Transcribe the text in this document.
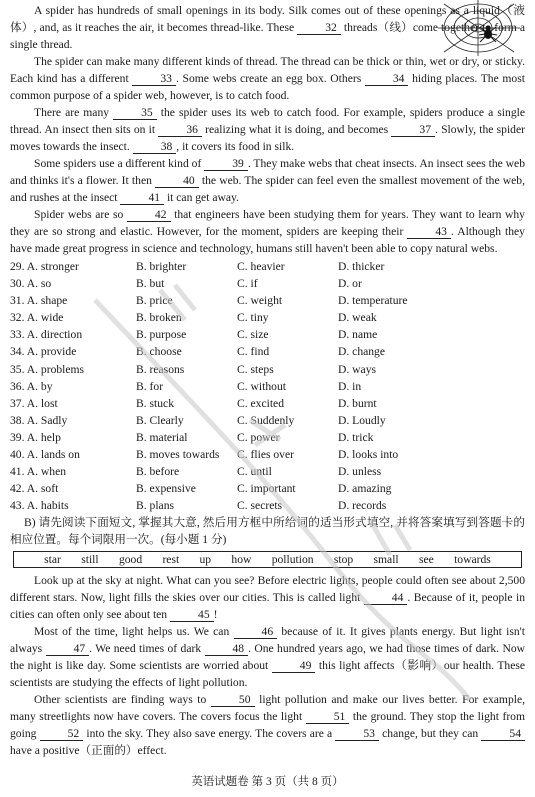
A spider has hundreds of small openings in its body. Silk comes out of these openings as a liquid（液体）, and, as it reaches the air, it becomes thread-like. These	32 threads（线）come together to form a single thread.

The spider can make many different kinds of thread. The thread can be thick or thin, wet or dry, or sticky. Each kind has a different	33 . Some webs create an egg box. Others	34 hiding places. The most common purpose of a spider web, however, is to catch food.

There are many	35 the spider uses its web to catch food. For example, spiders produce a single thread. An insect then sits on it	36 realizing what it is doing, and becomes	37 . Slowly, the spider moves towards the insect.	38 , it covers its food in silk.

Some spiders use a different kind of	39 . They make webs that cheat insects. An insect sees the web and thinks it's a flower. It then	40 the web. The spider can feel even the smallest movement of the web, and rushes at the insect	41 it can get away.

Spider webs are so	42 that engineers have been studying them for years. They want to learn why they are so strong and elastic. However, for the moment, spiders are keeping their	43 . Although they have made great progress in science and technology, humans still haven't been able to copy natural webs.

29. A. stronger	B. brighter	C. heavier	D. thicker
30. A. so	B. but	C. if	D. or
31. A. shape	B. price	C. weight	D. temperature
32. A. wide	B. broken	C. tiny	D. weak
33. A. direction	B. purpose	C. size	D. name
34. A. provide	B. choose	C. find	D. change
35. A. problems	B. reasons	C. steps	D. ways
36. A. by	B. for	C. without	D. in
37. A. lost	B. stuck	C. excited	D. burnt
38. A. Sadly	B. Clearly	C. Suddenly	D. Loudly
39. A. help	B. material	C. power	D. trick
40. A. lands on	B. moves towards	C. flies over	D. looks into
41. A. when	B. before	C. until	D. unless
42. A. soft	B. expensive	C. important	D. amazing
43. A. habits	B. plans	C. secrets	D. records

B) 请先阅读下面短文, 掌握其大意, 然后用方框中所给词的适当形式填空, 并将答案填写到答题卡的相应位置。每个词限用一次。(每小题 1 分)

star still good rest up how pollution stop small see towards

Look up at the sky at night. What can you see? Before electric lights, people could often see about 2,500 different stars. Now, light fills the skies over our cities. This is called light	44 . Because of it, people in cities can often only see about ten	45 !

Most of the time, light helps us. We can	46 because of it. It gives plants energy. But light isn't always	47 . We need times of dark	48 . One hundred years ago, we had those times of dark. Now the night is like day. Some scientists are worried about	49 this light affects（影响）our health. These scientists are studying the effects of light pollution.

Other scientists are finding ways to	50 light pollution and make our lives better. For example, many streetlights now have covers. The covers focus the light	51 the ground. They stop the light from going	52 into the sky. They also save energy. The covers are a	53 change, but they can	54 have a positive（正面的）effect.

英语试题卷 第 3 页（共 8 页）
